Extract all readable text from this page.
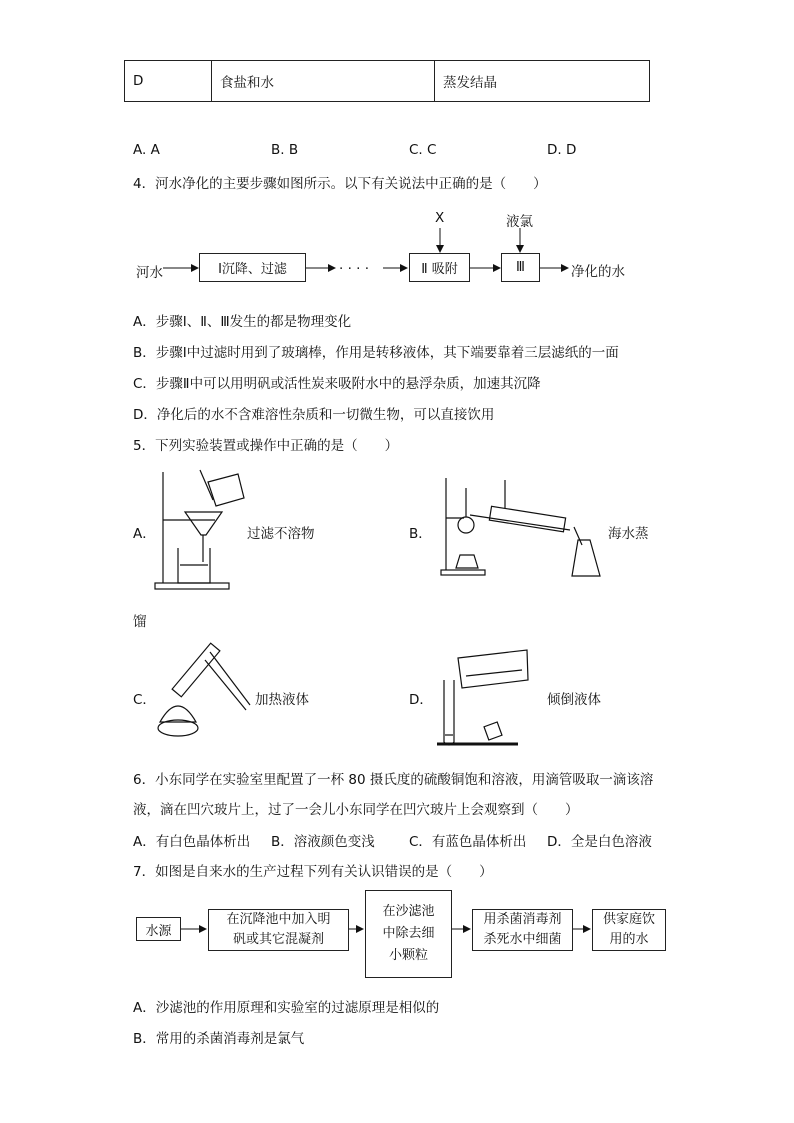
D	食盐和水	蒸发结晶
A. A	B. B	C. C	D. D
4．河水净化的主要步骤如图所示。以下有关说法中正确的是（　　）
河水	Ⅰ沉降、过滤	· · · ·	Ⅱ 吸附	Ⅲ	净化的水
X	液氯
A．步骤Ⅰ、Ⅱ、Ⅲ发生的都是物理变化
B．步骤Ⅰ中过滤时用到了玻璃棒，作用是转移液体，其下端要靠着三层滤纸的一面
C．步骤Ⅱ中可以用明矾或活性炭来吸附水中的悬浮杂质，加速其沉降
D．净化后的水不含难溶性杂质和一切微生物，可以直接饮用
5．下列实验装置或操作中正确的是（　　）
A．	过滤不溶物	B．	海水蒸
馏
C．	加热液体	D．	倾倒液体
6．小东同学在实验室里配置了一杯 80 摄氏度的硫酸铜饱和溶液，用滴管吸取一滴该溶
液，滴在凹穴玻片上，过了一会儿小东同学在凹穴玻片上会观察到（　　）
A．有白色晶体析出 B．溶液颜色变浅	C．有蓝色晶体析出 D．全是白色溶液
7．如图是自来水的生产过程下列有关认识错误的是（　　）
水源
在沉降池中加入明
矾或其它混凝剂
在沙滤池
中除去细
小颗粒
用杀菌消毒剂
杀死水中细菌
供家庭饮
用的水
A．沙滤池的作用原理和实验室的过滤原理是相似的
B．常用的杀菌消毒剂是氯气
